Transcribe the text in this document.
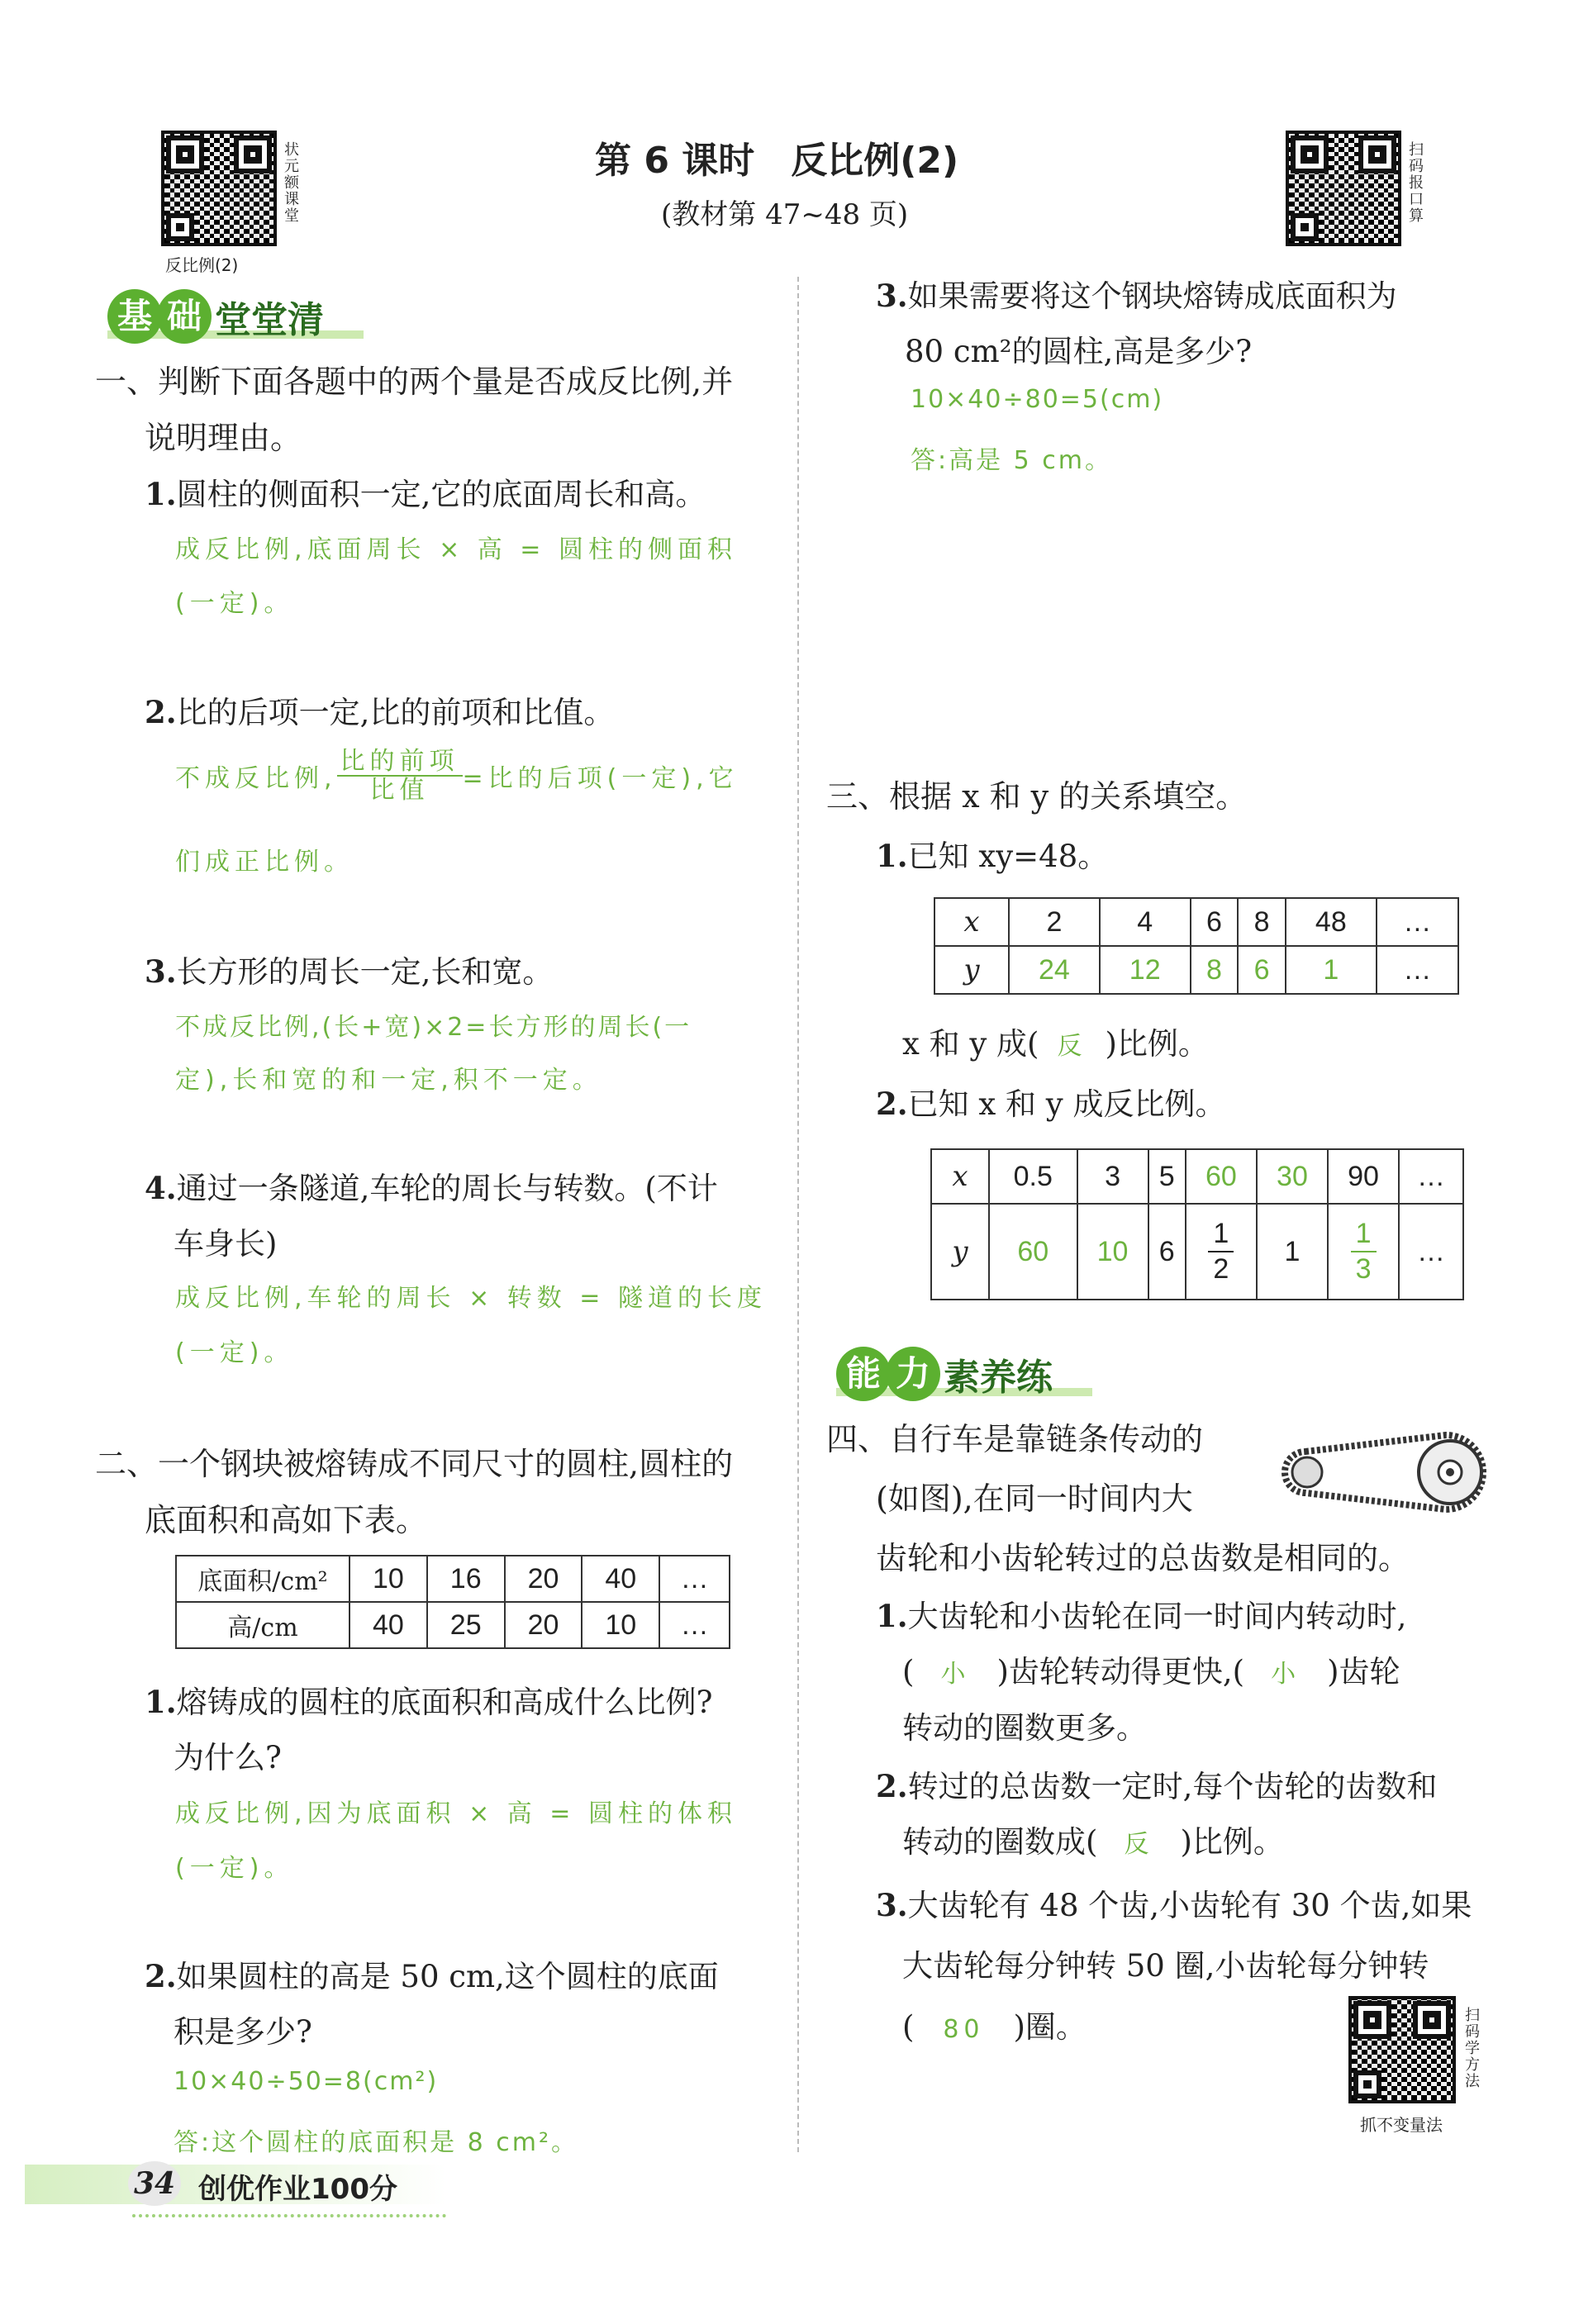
状元额课堂
反比例(2)
第 6 课时　反比例(2)
(教材第 47~48 页)
扫码报口算
基 础 堂堂清
一、判断下面各题中的两个量是否成反比例,并
说明理由。
1.圆柱的侧面积一定,它的底面周长和高。
成反比例,底面周长 × 高 = 圆柱的侧面积
(一定)。
2.比的后项一定,比的前项和比值。
不成反比例, $\frac{\text{比的前项}}{\text{比值}}$ =比的后项(一定),它
们成正比例。
3.长方形的周长一定,长和宽。
不成反比例,(长+宽)×2=长方形的周长(一
定),长和宽的和一定,积不一定。
4.通过一条隧道,车轮的周长与转数。(不计
车身长)
成反比例,车轮的周长 × 转数 = 隧道的长度
(一定)。
二、一个钢块被熔铸成不同尺寸的圆柱,圆柱的
底面积和高如下表。
底面积/cm²	10	16	20	40	…
高/cm	40	25	20	10	…
1.熔铸成的圆柱的底面积和高成什么比例?
为什么?
成反比例,因为底面积 × 高 = 圆柱的体积
(一定)。
2.如果圆柱的高是 50 cm,这个圆柱的底面
积是多少?
10×40÷50=8(cm²)
答:这个圆柱的底面积是 8 cm²。
3.如果需要将这个钢块熔铸成底面积为
80 cm²的圆柱,高是多少?
10×40÷80=5(cm)
答:高是 5 cm。
三、根据 x 和 y 的关系填空。
1.已知 xy=48。
x	2	4	6	8	48	…
y	24	12	8	6	1	…
x 和 y 成( 反 )比例。
2.已知 x 和 y 成反比例。
x	0.5	3	5	60	30	90	…
y	60	10	6	$\frac{1}{2}$	1	$\frac{1}{3}$	…
能 力 素养练
四、自行车是靠链条传动的
(如图),在同一时间内大
齿轮和小齿轮转过的总齿数是相同的。
1.大齿轮和小齿轮在同一时间内转动时,
( 小 )齿轮转动得更快,( 小 )齿轮
转动的圈数更多。
2.转过的总齿数一定时,每个齿轮的齿数和
转动的圈数成( 反 )比例。
3.大齿轮有 48 个齿,小齿轮有 30 个齿,如果
大齿轮每分钟转 50 圈,小齿轮每分钟转
( 80 )圈。	扫码学方法
抓不变量法
34 创优作业100分
